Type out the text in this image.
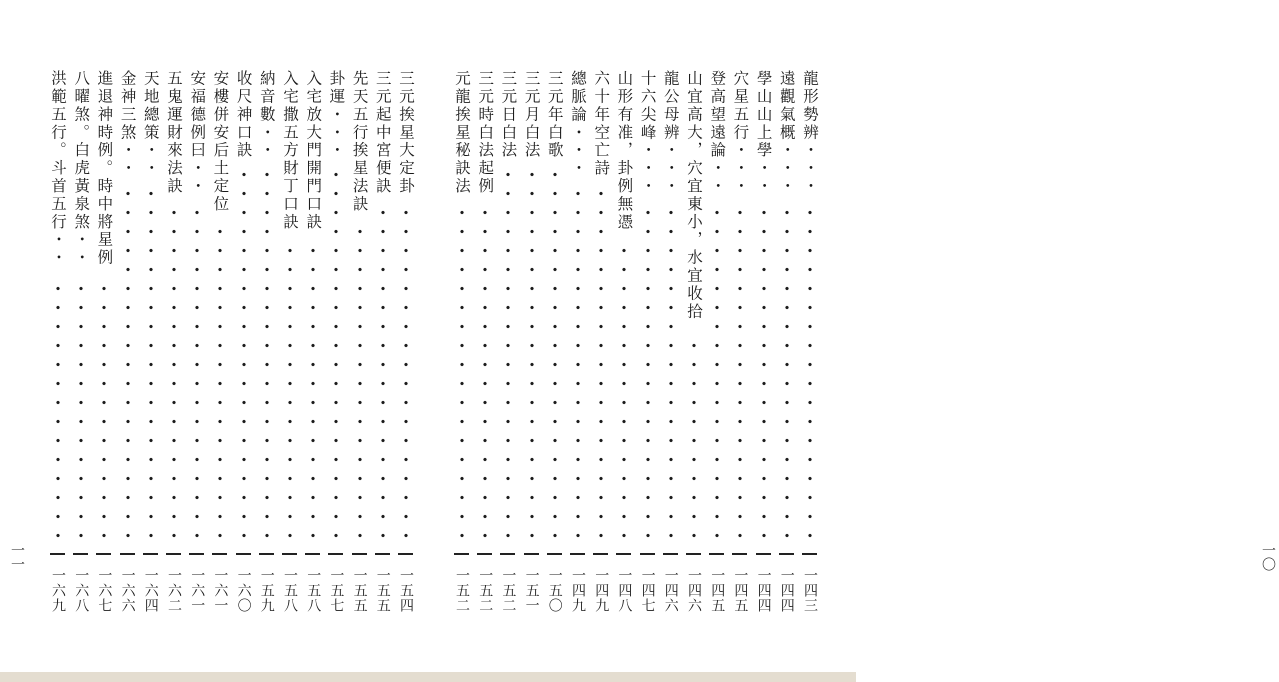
一一
三元挨星大定卦
一五四
三元起中宮便訣
一五五
先天五行挨星法訣
一五五
卦運・・・
一五七
入宅放大門開門口訣
一五八
入宅撒五方財丁口訣
一五八
納音數・・
一五九
收尺神口訣
一六〇
安樓併安后土定位
一六一
安福德例曰・・
一六一
五鬼運財來法訣
一六二
天地總策・・
一六四
金神三煞・・
一六六
進退神時例。時中將星例
一六七
八曜煞。白虎黃泉煞・・
一六八
洪範五行。斗首五行・・
一六九
一〇
龍形勢辨・・・
一四三
遠觀氣概・・・
一四四
學山山上學・・
一四四
穴星五行・・・
一四五
登高望遠論・・
一四五
山宜高大，穴宜東小，水宜收拾
一四六
龍公母辨・・・
一四六
十六尖峰・・・
一四七
山形有准，卦例無憑
一四八
六十年空亡詩
一四九
總脈論・・・
一四九
三元年白歌
一五〇
三元月白法
一五一
三元日白法
一五二
三元時白法起例
一五二
元龍挨星秘訣法
一五二
